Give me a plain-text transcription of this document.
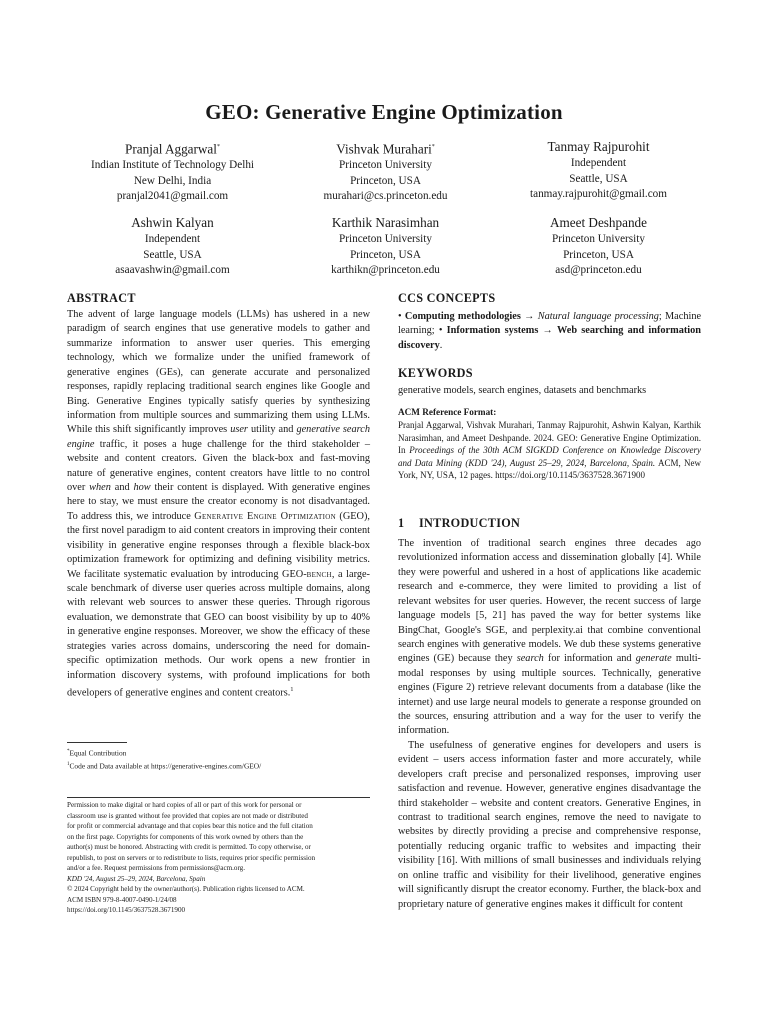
GEO: Generative Engine Optimization
Pranjal Aggarwal*
Indian Institute of Technology Delhi
New Delhi, India
pranjal2041@gmail.com
Vishvak Murahari*
Princeton University
Princeton, USA
murahari@cs.princeton.edu
Tanmay Rajpurohit
Independent
Seattle, USA
tanmay.rajpurohit@gmail.com
Ashwin Kalyan
Independent
Seattle, USA
asaavashwin@gmail.com
Karthik Narasimhan
Princeton University
Princeton, USA
karthikn@princeton.edu
Ameet Deshpande
Princeton University
Princeton, USA
asd@princeton.edu
ABSTRACT

The advent of large language models (LLMs) has ushered in a new paradigm of search engines that use generative models to gather and summarize information to answer user queries. This emerging technology, which we formalize under the unified framework of generative engines (GEs), can generate accurate and personalized responses, rapidly replacing traditional search engines like Google and Bing. Generative Engines typically satisfy queries by synthesizing information from multiple sources and summarizing them using LLMs. While this shift significantly improves user utility and generative search engine traffic, it poses a huge challenge for the third stakeholder – website and content creators. Given the black-box and fast-moving nature of generative engines, content creators have little to no control over when and how their content is displayed. With generative engines here to stay, we must ensure the creator economy is not disadvantaged. To address this, we introduce Generative Engine Optimization (GEO), the first novel paradigm to aid content creators in improving their content visibility in generative engine responses through a flexible black-box optimization framework for optimizing and defining visibility metrics. We facilitate systematic evaluation by introducing GEO-bench, a large-scale benchmark of diverse user queries across multiple domains, along with relevant web sources to answer these queries. Through rigorous evaluation, we demonstrate that GEO can boost visibility by up to 40% in generative engine responses. Moreover, we show the efficacy of these strategies varies across domains, underscoring the need for domain-specific optimization methods. Our work opens a new frontier in information discovery systems, with profound implications for both developers of generative engines and content creators.$^1$

*Equal Contribution
$^1$Code and Data available at https://generative-engines.com/GEO/
Permission to make digital or hard copies of all or part of this work for personal or
classroom use is granted without fee provided that copies are not made or distributed
for profit or commercial advantage and that copies bear this notice and the full citation
on the first page. Copyrights for components of this work owned by others than the
author(s) must be honored. Abstracting with credit is permitted. To copy otherwise, or
republish, to post on servers or to redistribute to lists, requires prior specific permission
and/or a fee. Request permissions from permissions@acm.org.
KDD '24, August 25–29, 2024, Barcelona, Spain
© 2024 Copyright held by the owner/author(s). Publication rights licensed to ACM.
ACM ISBN 979-8-4007-0490-1/24/08
https://doi.org/10.1145/3637528.3671900
CCS CONCEPTS

• Computing methodologies → Natural language processing; Machine learning; • Information systems → Web searching and information discovery.

KEYWORDS

generative models, search engines, datasets and benchmarks

ACM Reference Format:
Pranjal Aggarwal, Vishvak Murahari, Tanmay Rajpurohit, Ashwin Kalyan, Karthik Narasimhan, and Ameet Deshpande. 2024. GEO: Generative Engine Optimization. In Proceedings of the 30th ACM SIGKDD Conference on Knowledge Discovery and Data Mining (KDD '24), August 25–29, 2024, Barcelona, Spain. ACM, New York, NY, USA, 12 pages. https://doi.org/10.1145/3637528.3671900
1 INTRODUCTION

The invention of traditional search engines three decades ago revolutionized information access and dissemination globally [4]. While they were powerful and ushered in a host of applications like academic research and e-commerce, they were limited to providing a list of relevant websites for user queries. However, the recent success of large language models [5, 21] has paved the way for better systems like BingChat, Google's SGE, and perplexity.ai that combine conventional search engines with generative models. We dub these systems generative engines (GE) because they search for information and generate multi-modal responses by using multiple sources. Technically, generative engines (Figure 2) retrieve relevant documents from a database (like the internet) and use large neural models to generate a response grounded on the sources, ensuring attribution and a way for the user to verify the information.

The usefulness of generative engines for developers and users is evident – users access information faster and more accurately, while developers craft precise and personalized responses, improving user satisfaction and revenue. However, generative engines disadvantage the third stakeholder – website and content creators. Generative Engines, in contrast to traditional search engines, remove the need to navigate to websites by directly providing a precise and comprehensive response, potentially reducing organic traffic to websites and impacting their visibility [16]. With millions of small businesses and individuals relying on online traffic and visibility for their livelihood, generative engines will significantly disrupt the creator economy. Further, the black-box and proprietary nature of generative engines makes it difficult for content
